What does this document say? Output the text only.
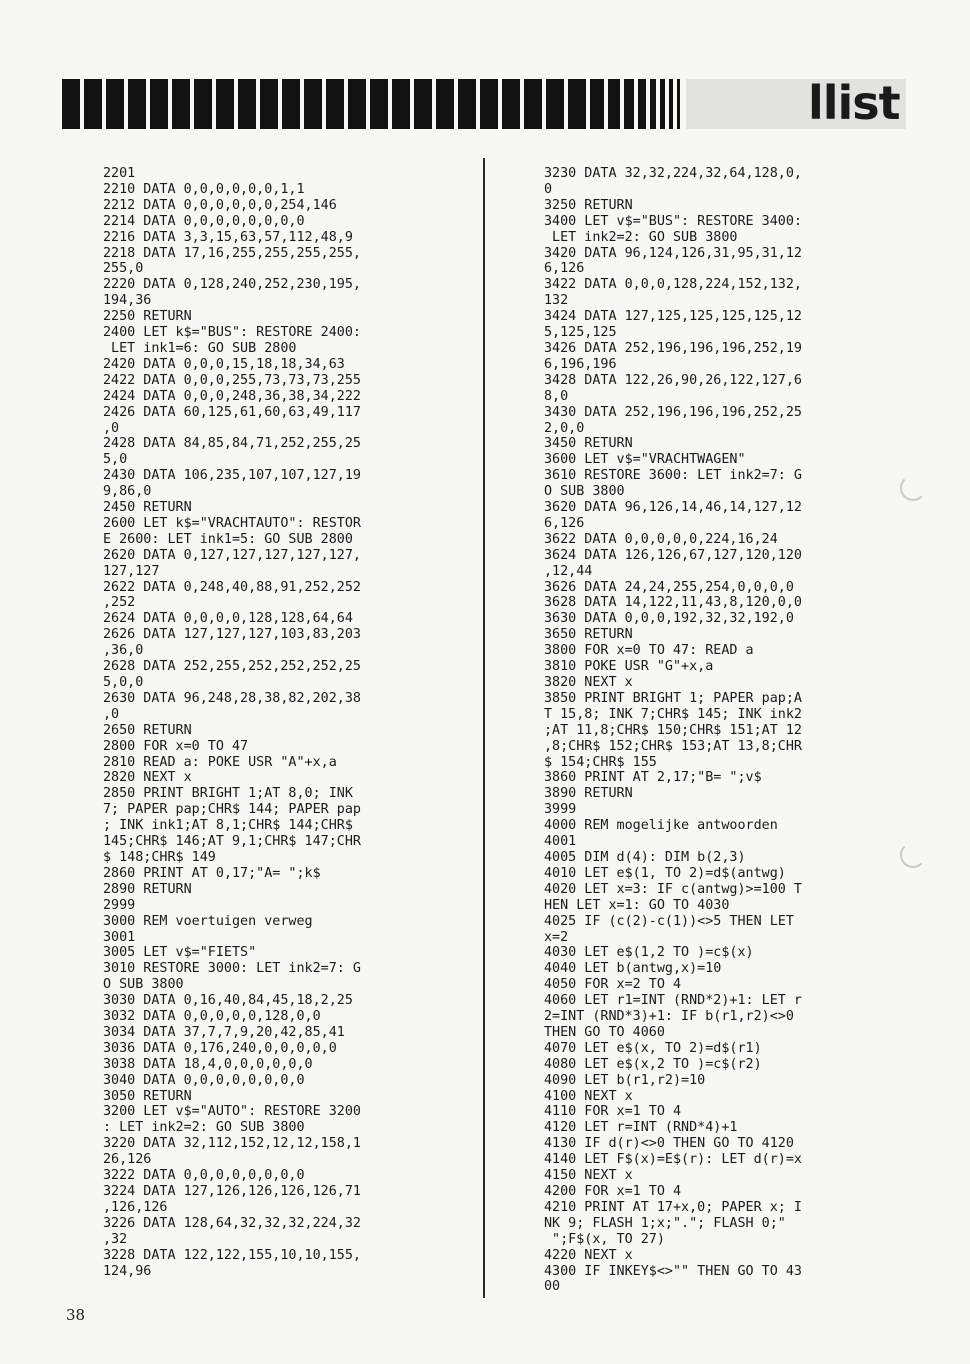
llist
2201
2210 DATA 0,0,0,0,0,0,1,1
2212 DATA 0,0,0,0,0,0,254,146
2214 DATA 0,0,0,0,0,0,0,0
2216 DATA 3,3,15,63,57,112,48,9
2218 DATA 17,16,255,255,255,255,
255,0
2220 DATA 0,128,240,252,230,195,
194,36
2250 RETURN
2400 LET k$="BUS": RESTORE 2400:
LET ink1=6: GO SUB 2800
2420 DATA 0,0,0,15,18,18,34,63
2422 DATA 0,0,0,255,73,73,73,255
2424 DATA 0,0,0,248,36,38,34,222
2426 DATA 60,125,61,60,63,49,117
,0
2428 DATA 84,85,84,71,252,255,25
5,0
2430 DATA 106,235,107,107,127,19
9,86,0
2450 RETURN
2600 LET k$="VRACHTAUTO": RESTOR
E 2600: LET ink1=5: GO SUB 2800
2620 DATA 0,127,127,127,127,127,
127,127
2622 DATA 0,248,40,88,91,252,252
,252
2624 DATA 0,0,0,0,128,128,64,64
2626 DATA 127,127,127,103,83,203
,36,0
2628 DATA 252,255,252,252,252,25
5,0,0
2630 DATA 96,248,28,38,82,202,38
,0
2650 RETURN
2800 FOR x=0 TO 47
2810 READ a: POKE USR "A"+x,a
2820 NEXT x
2850 PRINT BRIGHT 1;AT 8,0; INK
7; PAPER pap;CHR$ 144; PAPER pap
; INK ink1;AT 8,1;CHR$ 144;CHR$
145;CHR$ 146;AT 9,1;CHR$ 147;CHR
$ 148;CHR$ 149
2860 PRINT AT 0,17;"A= ";k$
2890 RETURN
2999
3000 REM voertuigen verweg
3001
3005 LET v$="FIETS"
3010 RESTORE 3000: LET ink2=7: G
O SUB 3800
3030 DATA 0,16,40,84,45,18,2,25
3032 DATA 0,0,0,0,0,128,0,0
3034 DATA 37,7,7,9,20,42,85,41
3036 DATA 0,176,240,0,0,0,0,0
3038 DATA 18,4,0,0,0,0,0,0
3040 DATA 0,0,0,0,0,0,0,0
3050 RETURN
3200 LET v$="AUTO": RESTORE 3200
: LET ink2=2: GO SUB 3800
3220 DATA 32,112,152,12,12,158,1
26,126
3222 DATA 0,0,0,0,0,0,0,0
3224 DATA 127,126,126,126,126,71
,126,126
3226 DATA 128,64,32,32,32,224,32
,32
3228 DATA 122,122,155,10,10,155,
124,96
3230 DATA 32,32,224,32,64,128,0,
0
3250 RETURN
3400 LET v$="BUS": RESTORE 3400:
LET ink2=2: GO SUB 3800
3420 DATA 96,124,126,31,95,31,12
6,126
3422 DATA 0,0,0,128,224,152,132,
132
3424 DATA 127,125,125,125,125,12
5,125,125
3426 DATA 252,196,196,196,252,19
6,196,196
3428 DATA 122,26,90,26,122,127,6
8,0
3430 DATA 252,196,196,196,252,25
2,0,0
3450 RETURN
3600 LET v$="VRACHTWAGEN"
3610 RESTORE 3600: LET ink2=7: G
O SUB 3800
3620 DATA 96,126,14,46,14,127,12
6,126
3622 DATA 0,0,0,0,0,224,16,24
3624 DATA 126,126,67,127,120,120
,12,44
3626 DATA 24,24,255,254,0,0,0,0
3628 DATA 14,122,11,43,8,120,0,0
3630 DATA 0,0,0,192,32,32,192,0
3650 RETURN
3800 FOR x=0 TO 47: READ a
3810 POKE USR "G"+x,a
3820 NEXT x
3850 PRINT BRIGHT 1; PAPER pap;A
T 15,8; INK 7;CHR$ 145; INK ink2
;AT 11,8;CHR$ 150;CHR$ 151;AT 12
,8;CHR$ 152;CHR$ 153;AT 13,8;CHR
$ 154;CHR$ 155
3860 PRINT AT 2,17;"B= ";v$
3890 RETURN
3999
4000 REM mogelijke antwoorden
4001
4005 DIM d(4): DIM b(2,3)
4010 LET e$(1, TO 2)=d$(antwg)
4020 LET x=3: IF c(antwg)>=100 T
HEN LET x=1: GO TO 4030
4025 IF (c(2)-c(1))<>5 THEN LET
x=2
4030 LET e$(1,2 TO )=c$(x)
4040 LET b(antwg,x)=10
4050 FOR x=2 TO 4
4060 LET r1=INT (RND*2)+1: LET r
2=INT (RND*3)+1: IF b(r1,r2)<>0
THEN GO TO 4060
4070 LET e$(x, TO 2)=d$(r1)
4080 LET e$(x,2 TO )=c$(r2)
4090 LET b(r1,r2)=10
4100 NEXT x
4110 FOR x=1 TO 4
4120 LET r=INT (RND*4)+1
4130 IF d(r)<>0 THEN GO TO 4120
4140 LET F$(x)=E$(r): LET d(r)=x
4150 NEXT x
4200 FOR x=1 TO 4
4210 PRINT AT 17+x,0; PAPER x; I
NK 9; FLASH 1;x;"."; FLASH 0;"
";F$(x, TO 27)
4220 NEXT x
4300 IF INKEY$<>"" THEN GO TO 43
00
38
